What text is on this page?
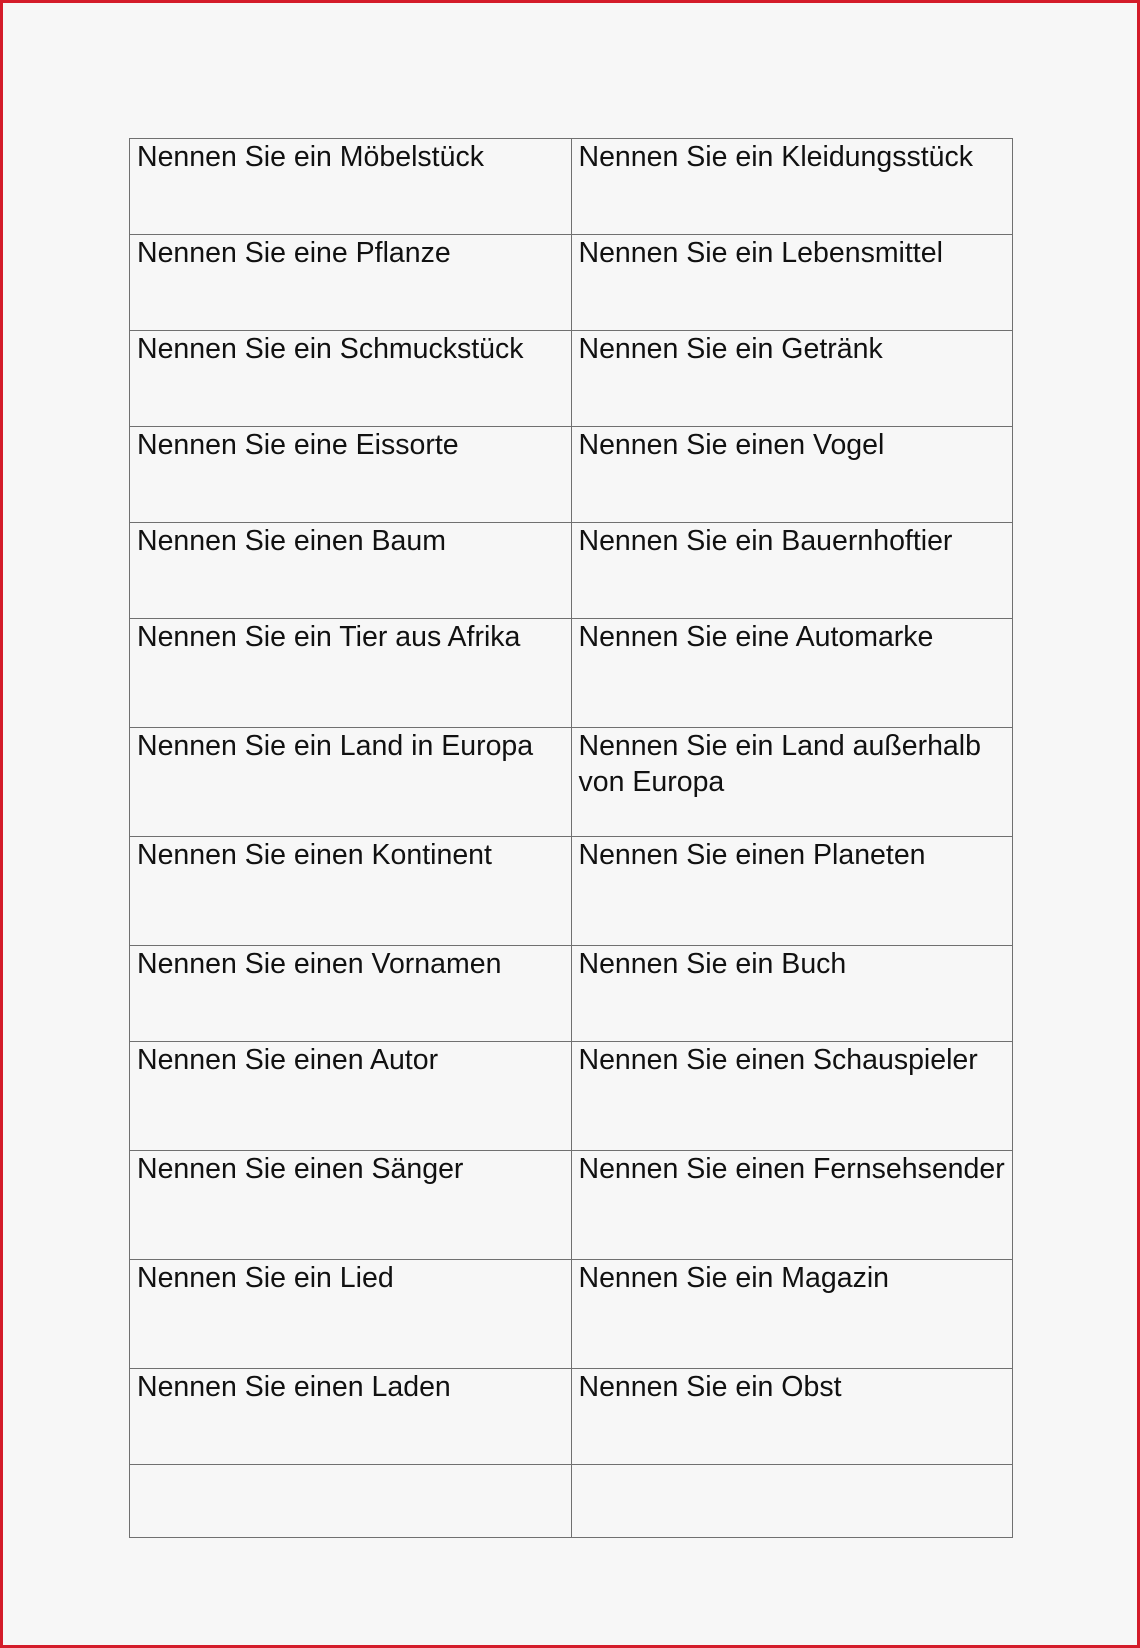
Nennen Sie ein Möbelstück	Nennen Sie ein Kleidungsstück

Nennen Sie eine Pflanze	Nennen Sie ein Lebensmittel

Nennen Sie ein Schmuckstück	Nennen Sie ein Getränk

Nennen Sie eine Eissorte	Nennen Sie einen Vogel

Nennen Sie einen Baum	Nennen Sie ein Bauernhoftier

Nennen Sie ein Tier aus Afrika	Nennen Sie eine Automarke

Nennen Sie ein Land in Europa	Nennen Sie ein Land außerhalb von Europa

Nennen Sie einen Kontinent	Nennen Sie einen Planeten

Nennen Sie einen Vornamen	Nennen Sie ein Buch

Nennen Sie einen Autor	Nennen Sie einen Schauspieler

Nennen Sie einen Sänger	Nennen Sie einen Fernsehsender

Nennen Sie ein Lied	Nennen Sie ein Magazin

Nennen Sie einen Laden	Nennen Sie ein Obst
